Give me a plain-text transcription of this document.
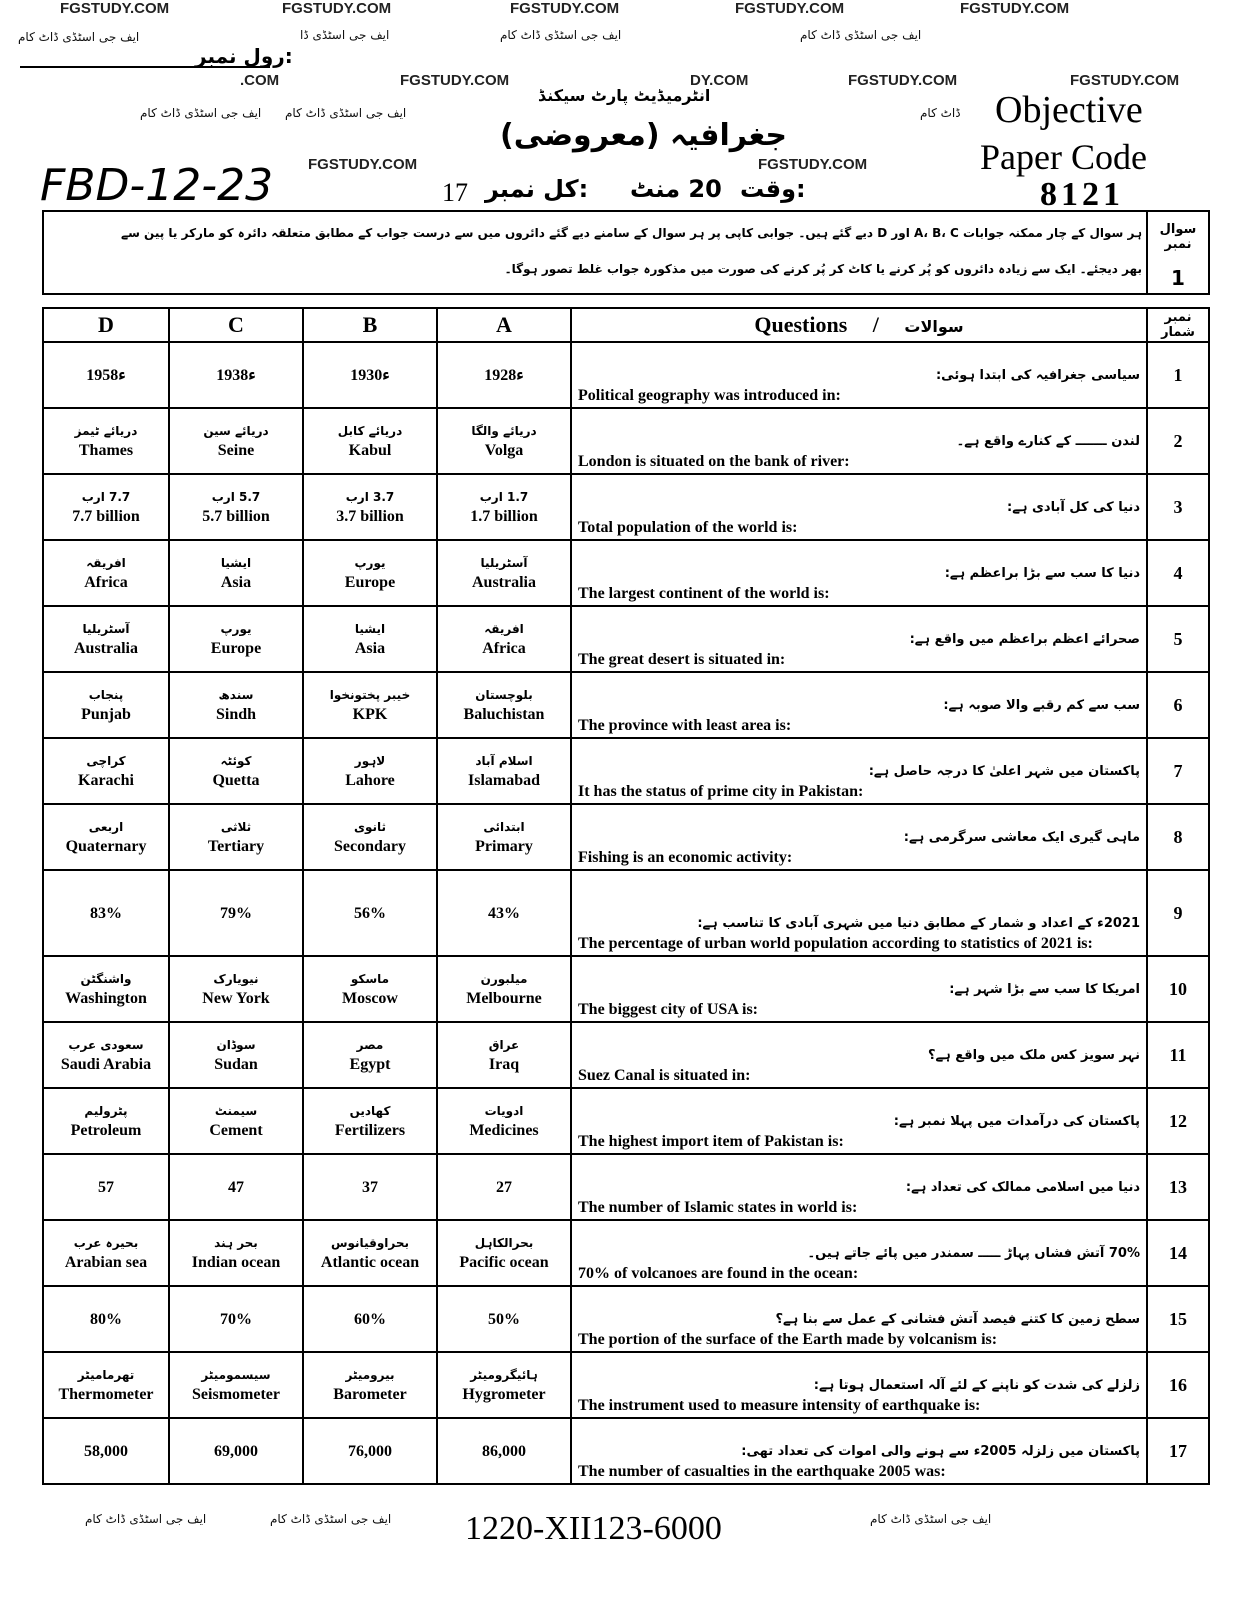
FGSTUDY.COM	FGSTUDY.COM	FGSTUDY.COM	FGSTUDY.COM	FGSTUDY.COM
ایف جی اسٹڈی ڈاٹ کام	ایف جی اسٹڈی ڈا	ایف جی اسٹڈی ڈاٹ کام	ایف جی اسٹڈی ڈاٹ کام
رول نمبر:
.COM	FGSTUDY.COM	DY.COM	FGSTUDY.COM	FGSTUDY.COM
ایف جی اسٹڈی ڈاٹ کام ایف جی اسٹڈی ڈاٹ کام	ڈاٹ کام
انٹرمیڈیٹ پارٹ سیکنڈ
جغرافیہ (معروضی)
Objective
Paper Code
8121
FGSTUDY.COM	FGSTUDY.COM
FBD-12-23	17 کل نمبر: 20 منٹ وقت:
سوال نمبر
1
ہر سوال کے چار ممکنہ جوابات A، B، C اور D دیے گئے ہیں۔ جوابی کاپی پر ہر سوال کے سامنے دیے گئے دائروں میں سے درست جواب کے مطابق متعلقہ دائرہ کو مارکر یا پین سے
بھر دیجئے۔ ایک سے زیادہ دائروں کو پُر کرنے یا کاٹ کر پُر کرنے کی صورت میں مذکورہ جواب غلط تصور ہوگا۔
D	C	B	A	Questions / سوالات	نمبر شمار

1958ء	1938ء	1930ء	1928ء	سیاسی جغرافیہ کی ابتدا ہوئی:
Political geography was introduced in:	1

دریائے ٹیمز
Thames	دریائے سین
Seine	دریائے کابل
Kabul	دریائے والگا
Volga	لندن ـــــــ کے کنارے واقع ہے۔
London is situated on the bank of river:	2

7.7 ارب
7.7 billion	5.7 ارب
5.7 billion	3.7 ارب
3.7 billion	1.7 ارب
1.7 billion	دنیا کی کل آبادی ہے:
Total population of the world is:	3

افریقہ
Africa	ایشیا
Asia	یورپ
Europe	آسٹریلیا
Australia	دنیا کا سب سے بڑا براعظم ہے:
The largest continent of the world is:	4

آسٹریلیا
Australia	یورپ
Europe	ایشیا
Asia	افریقہ
Africa	صحرائے اعظم براعظم میں واقع ہے:
The great desert is situated in:	5

پنجاب
Punjab	سندھ
Sindh	خیبر پختونخوا
KPK	بلوچستان
Baluchistan	سب سے کم رقبے والا صوبہ ہے:
The province with least area is:	6

کراچی
Karachi	کوئٹہ
Quetta	لاہور
Lahore	اسلام آباد
Islamabad	پاکستان میں شہر اعلیٰ کا درجہ حاصل ہے:
It has the status of prime city in Pakistan:	7

اربعی
Quaternary	ثلاثی
Tertiary	ثانوی
Secondary	ابتدائی
Primary	ماہی گیری ایک معاشی سرگرمی ہے:
Fishing is an economic activity:	8

83%	79%	56%	43%	2021ء کے اعداد و شمار کے مطابق دنیا میں شہری آبادی کا تناسب ہے:
The percentage of urban world population according to statistics of 2021 is:	9

واشنگٹن
Washington	نیویارک
New York	ماسکو
Moscow	میلبورن
Melbourne	امریکا کا سب سے بڑا شہر ہے:
The biggest city of USA is:	10

سعودی عرب
Saudi Arabia	سوڈان
Sudan	مصر
Egypt	عراق
Iraq	نہر سویز کس ملک میں واقع ہے؟
Suez Canal is situated in:	11

پٹرولیم
Petroleum	سیمنٹ
Cement	کھادیں
Fertilizers	ادویات
Medicines	پاکستان کی درآمدات میں پہلا نمبر ہے:
The highest import item of Pakistan is:	12

57	47	37	27	دنیا میں اسلامی ممالک کی تعداد ہے:
The number of Islamic states in world is:	13

بحیرہ عرب
Arabian sea	بحر ہند
Indian ocean	بحراوقیانوس
Atlantic ocean	بحرالکاہل
Pacific ocean	70% آتش فشاں پہاڑ ـــــ سمندر میں پائے جاتے ہیں۔
70% of volcanoes are found in the ocean:	14

80%	70%	60%	50%	سطح زمین کا کتنے فیصد آتش فشانی کے عمل سے بنا ہے؟
The portion of the surface of the Earth made by volcanism is:	15

تھرمامیٹر
Thermometer	سیسمومیٹر
Seismometer	بیرومیٹر
Barometer	ہائیگرومیٹر
Hygrometer	زلزلے کی شدت کو ناپنے کے لئے آلہ استعمال ہوتا ہے:
The instrument used to measure intensity of earthquake is:	16

58,000	69,000	76,000	86,000	پاکستان میں زلزلہ 2005ء سے ہونے والی اموات کی تعداد تھی:
The number of casualties in the earthquake 2005 was:	17
ایف جی اسٹڈی ڈاٹ کام	ایف جی اسٹڈی ڈاٹ کام	ایف جی اسٹڈی ڈاٹ کام
1220-XII123-6000
